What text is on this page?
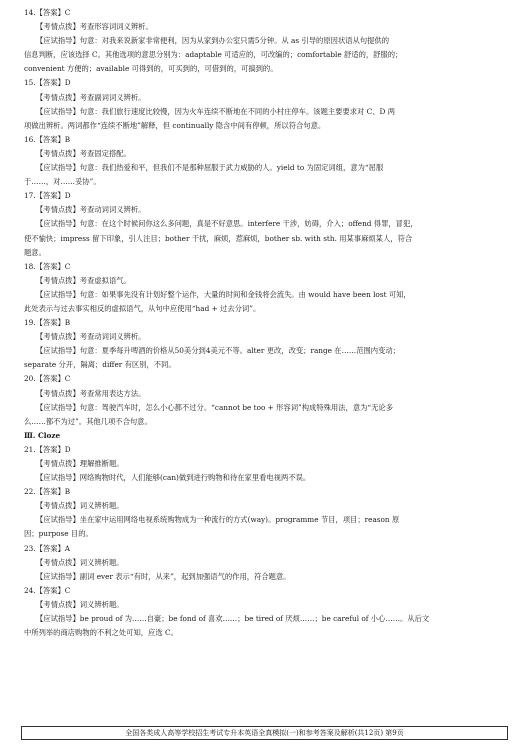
14.【答案】C
【考情点拨】考查形容词词义辨析。
【应试指导】句意：对我来说新家非常便利，因为从家到办公室只需5分钟。从 as 引导的原因状语从句提供的
信息判断，应该选择 C。其他选项的意思分别为：adaptable 可适应的，可改编的；comfortable 舒适的，舒服的；
convenient 方便的；available 可得到的，可买到的，可借到的，可搞到的。
15.【答案】D
【考情点拨】考查副词词义辨析。
【应试指导】句意：我们旅行速度比较慢，因为火车连续不断地在不同的小村庄停车。该题主要要求对 C、D 两
项做出辨析。两词都作“连续不断地”解释，但 continually 隐含中间有停顿，所以符合句意。
16.【答案】B
【考情点拨】考查固定搭配。
【应试指导】句意：我们热爱和平，但我们不是那种屈服于武力威胁的人。yield to 为固定词组，意为“屈服
于……，对……妥协”。
17.【答案】D
【考情点拨】考查动词词义辨析。
【应试指导】句意：在这个时候问你这么多问题，真是不好意思。interfere 干涉，妨碍，介入；offend 得罪，冒犯，
使不愉快；impress 留下印象，引人注目；bother 干扰，麻烦，惹麻烦，bother sb. with sth. 用某事麻烦某人，符合
题意。
18.【答案】C
【考情点拨】考查虚拟语气。
【应试指导】句意：如果事先没有计划好整个运作，大量的时间和金钱将会流失。由 would have been lost 可知，
此处表示与过去事实相反的虚拟语气，从句中应使用“had + 过去分词”。
19.【答案】B
【考情点拨】考查动词词义辨析。
【应试指导】句意：夏季每升啤酒的价格从50美分到4美元不等。alter 更改，改变；range 在……范围内变动；
separate 分开，隔离；differ 有区别，不同。
20.【答案】C
【考情点拨】考查常用表达方法。
【应试指导】句意：驾驶汽车时，怎么小心都不过分。“cannot be too + 形容词”构成特殊用法，意为“无论多
么……都不为过”。其他几项不合句意。
Ⅲ. Cloze
21.【答案】D
【考情点拨】理解推断题。
【应试指导】网络购物时代，人们能够(can)做到进行购物和待在家里看电视两不误。
22.【答案】B
【考情点拨】词义辨析题。
【应试指导】坐在家中运用网络电视系统购物成为一种流行的方式(way)。programme 节目，项目；reason 原
因；purpose 目的。
23.【答案】A
【考情点拨】词义辨析题。
【应试指导】副词 ever 表示“有时，从来”，起到加强语气的作用，符合题意。
24.【答案】C
【考情点拨】词义辨析题。
【应试指导】be proud of 为……自豪；be fond of 喜欢……；be tired of 厌烦……；be careful of 小心……。从后文
中所列举的商店购物的不利之处可知，应选 C。
全国各类成人高等学校招生考试专升本英语全真模拟(一)和参考答案及解析(共12页) 第9页
